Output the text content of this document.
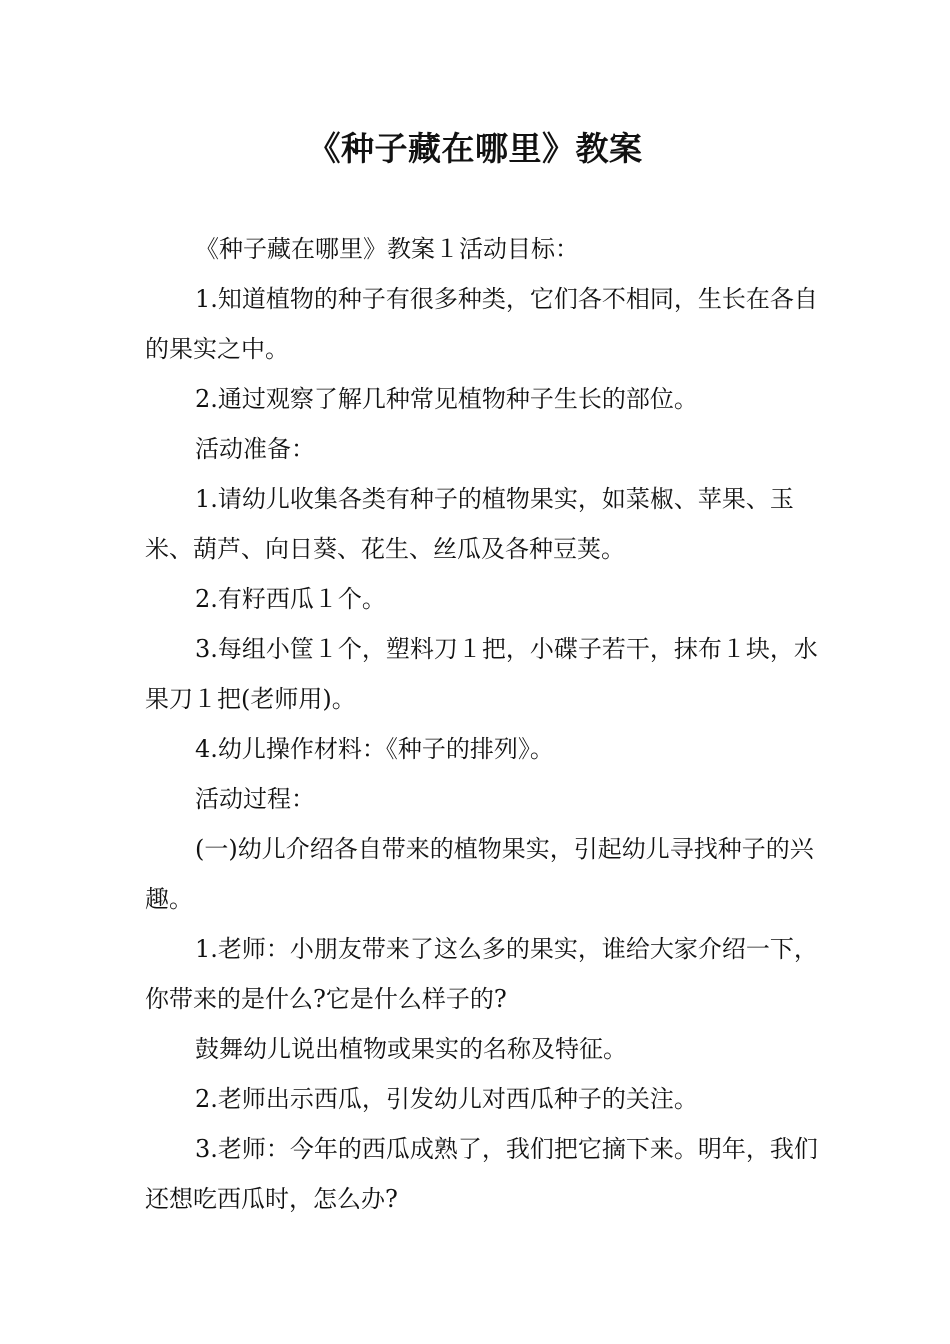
《种子藏在哪里》教案

《种子藏在哪里》教案１活动目标：

1.知道植物的种子有很多种类，它们各不相同，生长在各自的果实之中。

2.通过观察了解几种常见植物种子生长的部位。

活动准备：

1.请幼儿收集各类有种子的植物果实，如菜椒、苹果、玉米、葫芦、向日葵、花生、丝瓜及各种豆荚。

2.有籽西瓜１个。

3.每组小筐１个，塑料刀１把，小碟子若干，抹布１块，水果刀１把(老师用)。

4.幼儿操作材料：《种子的排列》。

活动过程：

(一)幼儿介绍各自带来的植物果实，引起幼儿寻找种子的兴趣。

1.老师：小朋友带来了这么多的果实，谁给大家介绍一下，你带来的是什么?它是什么样子的?

鼓舞幼儿说出植物或果实的名称及特征。

2.老师出示西瓜，引发幼儿对西瓜种子的关注。

3.老师：今年的西瓜成熟了，我们把它摘下来。明年，我们还想吃西瓜时，怎么办?
